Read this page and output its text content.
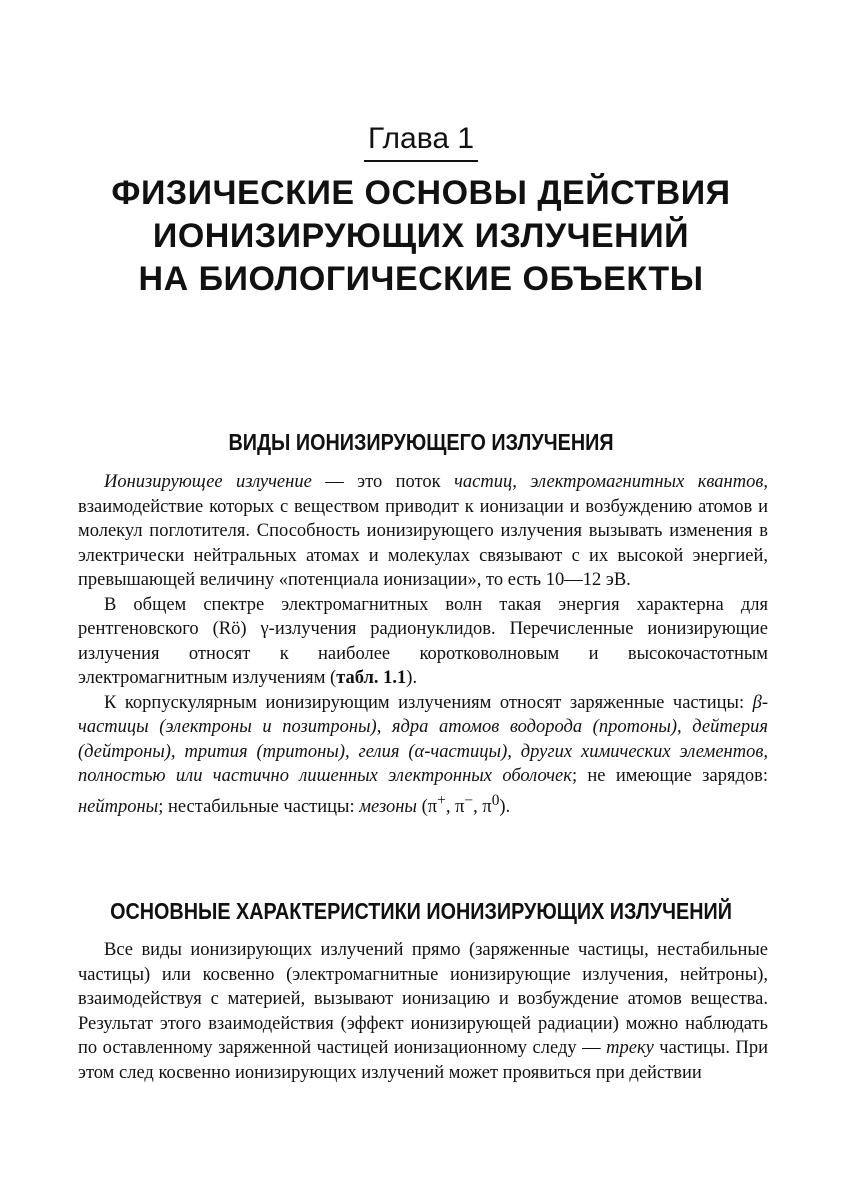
Глава 1
ФИЗИЧЕСКИЕ ОСНОВЫ ДЕЙСТВИЯ
ИОНИЗИРУЮЩИХ ИЗЛУЧЕНИЙ
НА БИОЛОГИЧЕСКИЕ ОБЪЕКТЫ
ВИДЫ ИОНИЗИРУЮЩЕГО ИЗЛУЧЕНИЯ

Ионизирующее излучение — это поток частиц, электромагнитных квантов, взаимодействие которых с веществом приводит к ионизации и возбуждению атомов и молекул поглотителя. Способность ионизирующего излучения вызывать изменения в электрически нейтральных атомах и молекулах связывают с их высокой энергией, превышающей величину «потенциала ионизации», то есть 10—12 эВ.

В общем спектре электромагнитных волн такая энергия характерна для рентгеновского (Rö) γ-излучения радионуклидов. Перечисленные ионизирующие излучения относят к наиболее коротковолновым и высокочастотным электромагнитным излучениям (табл. 1.1).

К корпускулярным ионизирующим излучениям относят заряженные частицы: β-частицы (электроны и позитроны), ядра атомов водорода (протоны), дейтерия (дейтроны), трития (тритоны), гелия (α-частицы), других химических элементов, полностью или частично лишенных электронных оболочек; не имеющие зарядов: нейтроны; нестабильные частицы: мезоны (π+, π−, $\pi^0$).

ОСНОВНЫЕ ХАРАКТЕРИСТИКИ ИОНИЗИРУЮЩИХ ИЗЛУЧЕНИЙ

Все виды ионизирующих излучений прямо (заряженные частицы, нестабильные частицы) или косвенно (электромагнитные ионизирующие излучения, нейтроны), взаимодействуя с материей, вызывают ионизацию и возбуждение атомов вещества. Результат этого взаимодействия (эффект ионизирующей радиации) можно наблюдать по оставленному заряженной частицей ионизационному следу — треку частицы. При этом след косвенно ионизирующих излучений может проявиться при действии
